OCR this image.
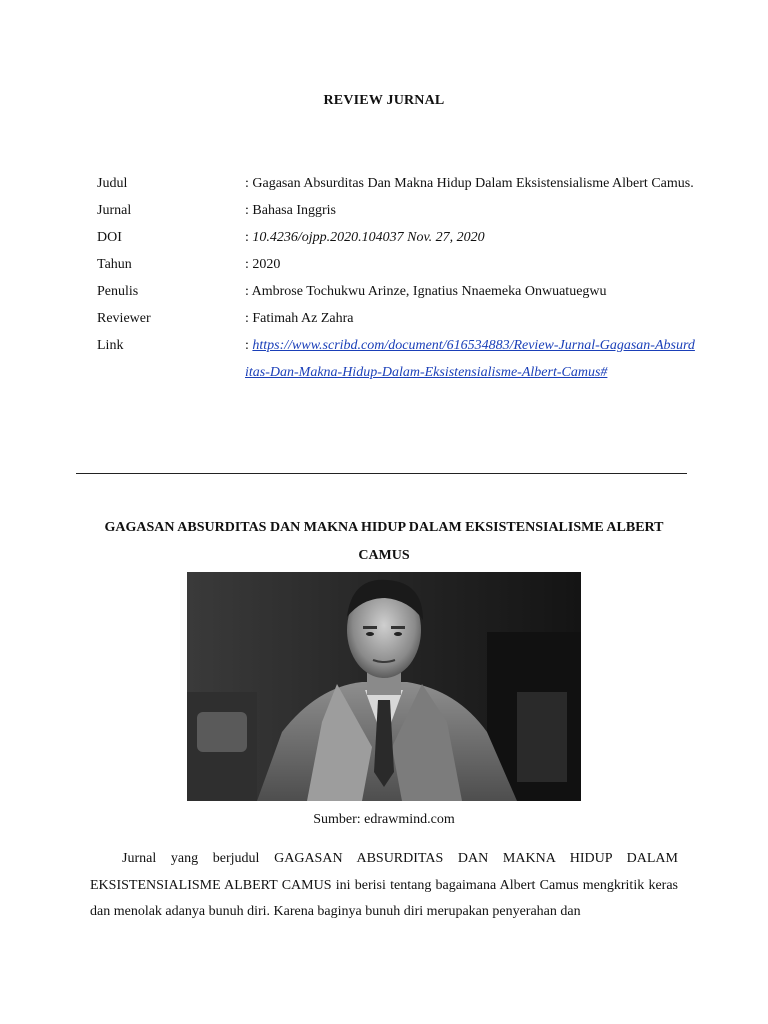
REVIEW JURNAL
Judul	: Gagasan Absurditas Dan Makna Hidup Dalam Eksistensialisme Albert Camus.
Jurnal	: Bahasa Inggris
DOI	: 10.4236/ojpp.2020.104037 Nov. 27, 2020
Tahun	: 2020
Penulis	: Ambrose Tochukwu Arinze, Ignatius Nnaemeka Onwuatuegwu
Reviewer	: Fatimah Az Zahra
Link	: https://www.scribd.com/document/616534883/Review-Jurnal-Gagasan-Absurditas-Dan-Makna-Hidup-Dalam-Eksistensialisme-Albert-Camus#
GAGASAN ABSURDITAS DAN MAKNA HIDUP DALAM EKSISTENSIALISME ALBERT CAMUS
Sumber: edrawmind.com

Jurnal yang berjudul GAGASAN ABSURDITAS DAN MAKNA HIDUP DALAM EKSISTENSIALISME ALBERT CAMUS ini berisi tentang bagaimana Albert Camus mengkritik keras dan menolak adanya bunuh diri. Karena baginya bunuh diri merupakan penyerahan dan
